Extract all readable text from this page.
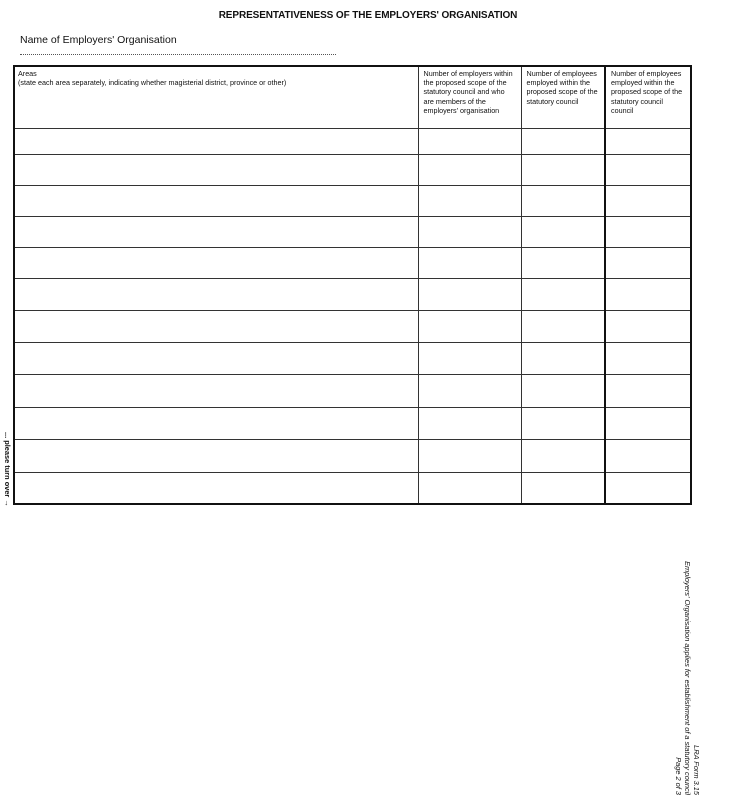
REPRESENTATIVENESS OF THE EMPLOYERS' ORGANISATION
Name of Employers' Organisation
Areas
(state each area separately, indicating whether magisterial district, province or other)	Number of employers within the proposed scope of the statutory council and who are members of the employers' organisation	Number of employees employed within the proposed scope of the statutory council	Number of employees employed within the proposed scope of the statutory council council

LRA Form 3.15
Employers' Organisation applies for establishment of a statutory council
Page 2 of 3
... please turn over →
